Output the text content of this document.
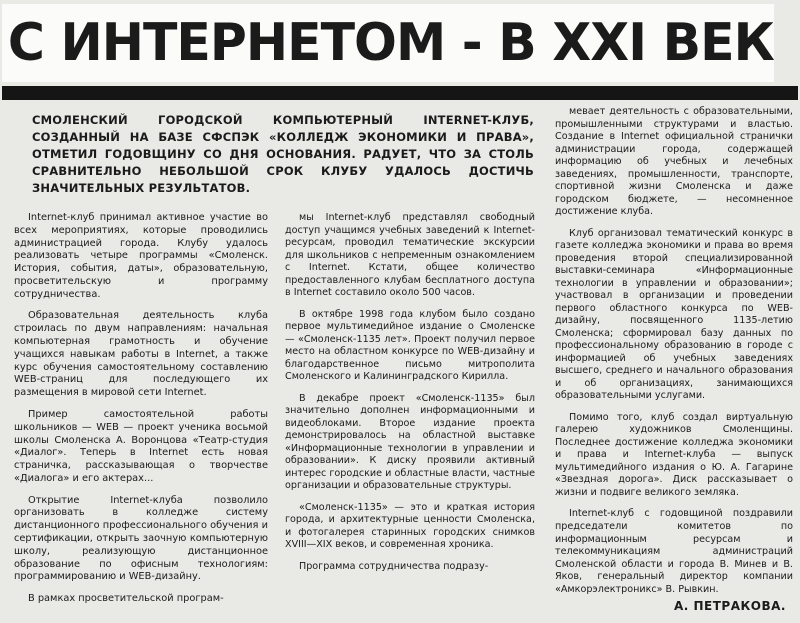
С ИНТЕРНЕТОМ - В XXI ВЕК
СМОЛЕНСКИЙ ГОРОДСКОЙ КОМПЬЮТЕРНЫЙ INTERNET-КЛУБ, СОЗДАННЫЙ НА БАЗЕ СФСПЭК «КОЛЛЕДЖ ЭКОНОМИКИ И ПРАВА», ОТМЕТИЛ ГОДОВЩИНУ СО ДНЯ ОСНОВАНИЯ. РАДУЕТ, ЧТО ЗА СТОЛЬ СРАВНИТЕЛЬНО НЕБОЛЬШОЙ СРОК КЛУБУ УДАЛОСЬ ДОСТИЧЬ ЗНАЧИТЕЛЬНЫХ РЕЗУЛЬТАТОВ.

Internet-клуб принимал активное участие во всех мероприятиях, которые проводились администрацией города. Клубу удалось реализовать четыре программы «Смоленск. История, события, даты», образовательную, просветительскую и программу сотрудничества.

Образовательная деятельность клуба строилась по двум направлениям: начальная компьютерная грамотность и обучение учащихся навыкам работы в Internet, а также курс обучения самостоятельному составлению WEB-страниц для последующего их размещения в мировой сети Internet.

Пример самостоятельной работы школьников — WEB — проект ученика восьмой школы Смоленска А. Воронцова «Театр-студия «Диалог». Теперь в Internet есть новая страничка, рассказывающая о творчестве «Диалога» и его актерах...

Открытие Internet-клуба позволило организовать в колледже систему дистанционного профессионального обучения и сертификации, открыть заочную компьютерную школу, реализующую дистанционное образование по офисным технологиям: программированию и WEB-дизайну.

В рамках просветительской програм-

мы Internet-клуб представлял свободный доступ учащимся учебных заведений к Internet-ресурсам, проводил тематические экскурсии для школьников с непременным ознакомлением с Internet. Кстати, общее количество предоставленного клубам бесплатного доступа в Internet составило около 500 часов.

В октябре 1998 года клубом было создано первое мультимедийное издание о Смоленске — «Смоленск-1135 лет». Проект получил первое место на областном конкурсе по WEB-дизайну и благодарственное письмо митрополита Смоленского и Калининградского Кирилла.

В декабре проект «Смоленск-1135» был значительно дополнен информационными и видеоблоками. Второе издание проекта демонстрировалось на областной выставке «Информационные технологии в управлении и образовании». К диску проявили активный интерес городские и областные власти, частные организации и образовательные структуры.

«Смоленск-1135» — это и краткая история города, и архитектурные ценности Смоленска, и фотогалерея старинных городских снимков XVIII—XIX веков, и современная хроника.

Программа сотрудничества подразу-

мевает деятельность с образовательными, промышленными структурами и властью. Создание в Internet официальной странички администрации города, содержащей информацию об учебных и лечебных заведениях, промышленности, транспорте, спортивной жизни Смоленска и даже городском бюджете, — несомненное достижение клуба.

Клуб организовал тематический конкурс в газете колледжа экономики и права во время проведения второй специализированной выставки-семинара «Информационные технологии в управлении и образовании»; участвовал в организации и проведении первого областного конкурса по WEB-дизайну, посвященного 1135-летию Смоленска; сформировал базу данных по профессиональному образованию в городе с информацией об учебных заведениях высшего, среднего и начального образования и об организациях, занимающихся образовательными услугами.

Помимо того, клуб создал виртуальную галерею художников Смоленщины. Последнее достижение колледжа экономики и права и Internet-клуба — выпуск мультимедийного издания о Ю. А. Гагарине «Звездная дорога». Диск рассказывает о жизни и подвиге великого земляка.

Internet-клуб с годовщиной поздравили председатели комитетов по информационным ресурсам и телекоммуникациям администраций Смоленской области и города В. Минев и В. Яков, генеральный директор компании «Амкорэлектроникс» В. Рывкин.

А. ПЕТРАКОВА.
